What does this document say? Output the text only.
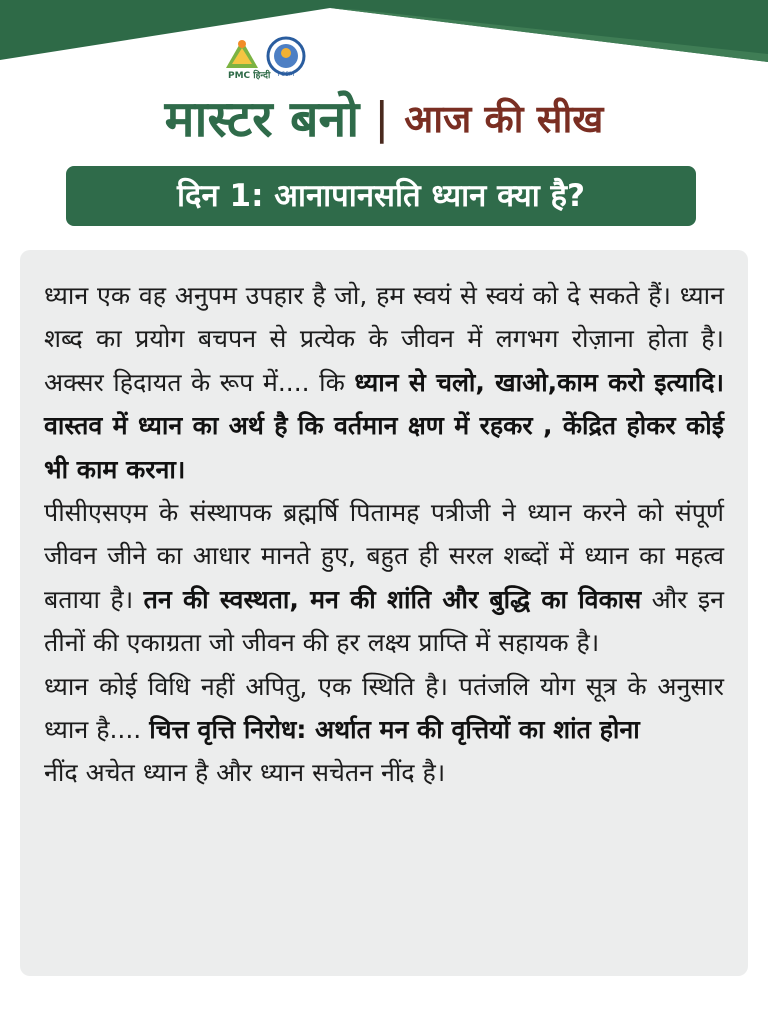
PSSM
PMC हिन्दी
मास्टर बनो | आज की सीख
दिन 1: आनापानसति ध्यान क्या है?

ध्यान एक वह अनुपम उपहार है जो, हम स्वयं से स्वयं को दे सकते हैं। ध्यान शब्द का प्रयोग बचपन से प्रत्येक के जीवन में लगभग रोज़ाना होता है। अक्सर हिदायत के रूप में.... कि ध्यान से चलो, खाओ,काम करो इत्यादि। वास्तव में ध्यान का अर्थ है कि वर्तमान क्षण में रहकर , केंद्रित होकर कोई भी काम करना।

पीसीएसएम के संस्थापक ब्रह्मर्षि पितामह पत्रीजी ने ध्यान करने को संपूर्ण जीवन जीने का आधार मानते हुए, बहुत ही सरल शब्दों में ध्यान का महत्व बताया है। तन की स्वस्थता, मन की शांति और बुद्धि का विकास और इन तीनों की एकाग्रता जो जीवन की हर लक्ष्य प्राप्ति में सहायक है।

ध्यान कोई विधि नहीं अपितु, एक स्थिति है। पतंजलि योग सूत्र के अनुसार ध्यान है.... चित्त वृत्ति निरोध: अर्थात मन की वृत्तियों का शांत होना

नींद अचेत ध्यान है और ध्यान सचेतन नींद है।
